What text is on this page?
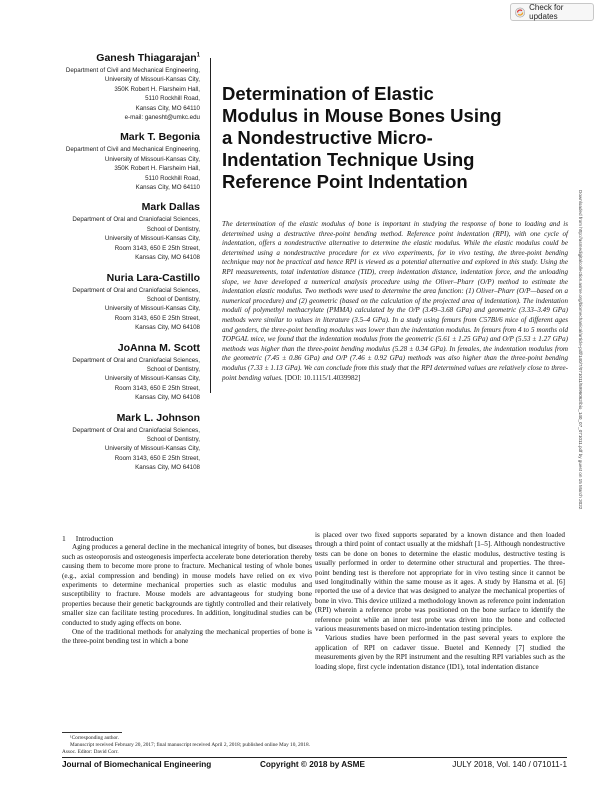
Check for updates
Ganesh Thiagarajan$^1$
Department of Civil and Mechanical Engineering,
University of Missouri-Kansas City,
350K Robert H. Flarsheim Hall,
5110 Rockhill Road,
Kansas City, MO 64110
e-mail: ganesht@umkc.edu
Mark T. Begonia
Department of Civil and Mechanical Engineering,
University of Missouri-Kansas City,
350K Robert H. Flarsheim Hall,
5110 Rockhill Road,
Kansas City, MO 64110
Mark Dallas
Department of Oral and Craniofacial Sciences,
School of Dentistry,
University of Missouri-Kansas City,
Room 3143, 650 E 25th Street,
Kansas City, MO 64108
Nuria Lara-Castillo
Department of Oral and Craniofacial Sciences,
School of Dentistry,
University of Missouri-Kansas City,
Room 3143, 650 E 25th Street,
Kansas City, MO 64108
JoAnna M. Scott
Department of Oral and Craniofacial Sciences,
School of Dentistry,
University of Missouri-Kansas City,
Room 3143, 650 E 25th Street,
Kansas City, MO 64108
Mark L. Johnson
Department of Oral and Craniofacial Sciences,
School of Dentistry,
University of Missouri-Kansas City,
Room 3143, 650 E 25th Street,
Kansas City, MO 64108
Determination of Elastic
Modulus in Mouse Bones Using
a Nondestructive Micro-
Indentation Technique Using
Reference Point Indentation
The determination of the elastic modulus of bone is important in studying the response of bone to loading and is determined using a destructive three-point bending method. Reference point indentation (RPI), with one cycle of indentation, offers a nondestructive alternative to determine the elastic modulus. While the elastic modulus could be determined using a nondestructive procedure for ex vivo experiments, for in vivo testing, the three-point bending technique may not be practical and hence RPI is viewed as a potential alternative and explored in this study. Using the RPI measurements, total indentation distance (TID), creep indentation distance, indentation force, and the unloading slope, we have developed a numerical analysis procedure using the Oliver–Pharr (O/P) method to estimate the indentation elastic modulus. Two methods were used to determine the area function: (1) Oliver–Pharr (O/P—based on a numerical procedure) and (2) geometric (based on the calculation of the projected area of indentation). The indentation moduli of polymethyl methacrylate (PMMA) calculated by the O/P (3.49–3.68 GPa) and geometric (3.33–3.49 GPa) methods were similar to values in literature (3.5–4 GPa). In a study using femurs from C57Bl/6 mice of different ages and genders, the three-point bending modulus was lower than the indentation modulus. In femurs from 4 to 5 months old TOPGAL mice, we found that the indentation modulus from the geometric (5.61 ± 1.25 GPa) and O/P (5.53 ± 1.27 GPa) methods was higher than the three-point bending modulus (5.28 ± 0.34 GPa). In females, the indentation modulus from the geometric (7.45 ± 0.86 GPa) and O/P (7.46 ± 0.92 GPa) methods was also higher than the three-point bending modulus (7.33 ± 1.13 GPa). We can conclude from this study that the RPI determined values are relatively close to three-point bending values. [DOI: 10.1115/1.4039982]	Downloaded from http://asmedigitalcollection.asme.org/biomechanical/article-pdf/140/7/071011/5996062/bio_140_07_071011.pdf by guest on 15 March 2022

1 Introduction

Aging produces a general decline in the mechanical integrity of bones, but diseases such as osteoporosis and osteogenesis imperfecta accelerate bone deterioration thereby causing them to become more prone to fracture. Mechanical testing of whole bones (e.g., axial compression and bending) in mouse models have relied on ex vivo experiments to determine mechanical properties such as elastic modulus and susceptibility to fracture. Mouse models are advantageous for studying bone properties because their genetic backgrounds are tightly controlled and their relatively smaller size can facilitate testing procedures. In addition, longitudinal studies can be conducted to study aging effects on bone.

One of the traditional methods for analyzing the mechanical properties of bone is the three-point bending test in which a bone

is placed over two fixed supports separated by a known distance and then loaded through a third point of contact usually at the midshaft [1–5]. Although nondestructive tests can be done on bones to determine the elastic modulus, destructive testing is usually performed in order to determine other structural and properties. The three-point bending test is therefore not appropriate for in vivo testing since it cannot be used longitudinally within the same mouse as it ages. A study by Hansma et al. [6] reported the use of a device that was designed to analyze the mechanical properties of bone in vivo. This device utilized a methodology known as reference point indentation (RPI) wherein a reference probe was positioned on the bone surface to identify the reference point while an inner test probe was driven into the bone and collected various measurements based on micro-indentation testing principles.

Various studies have been performed in the past several years to explore the application of RPI on cadaver tissue. Buetel and Kennedy [7] studied the measurements given by the RPI instrument and the resulting RPI variables such as the loading slope, first cycle indentation distance (ID1), total indentation distance

¹Corresponding author.
Manuscript received February 20, 2017; final manuscript received April 2, 2018; published online May 10, 2018. Assoc. Editor: David Corr.
Journal of Biomechanical Engineering	Copyright © 2018 by ASME	JULY 2018, Vol. 140 / 071011-1
